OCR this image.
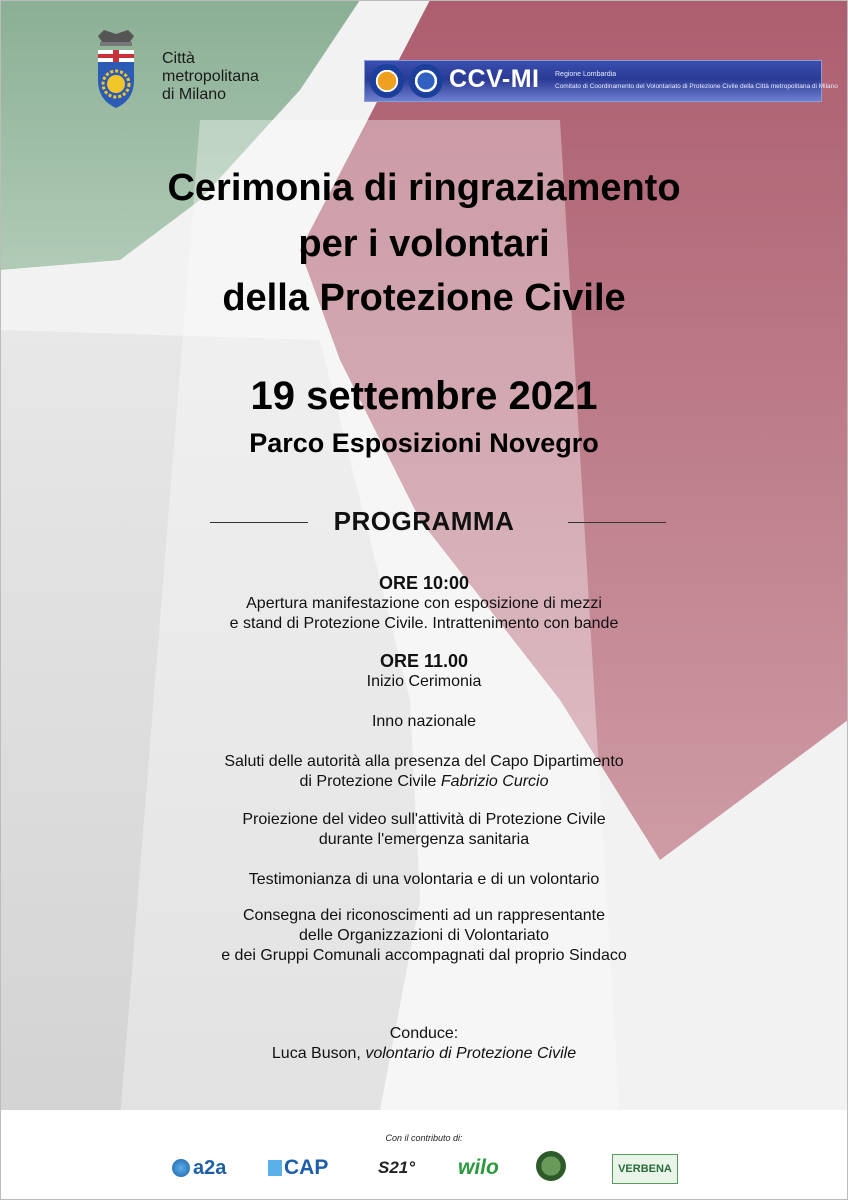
Città
metropolitana
di Milano
CCV-MI Regione Lombardia
Comitato di Coordinamento del Volontariato di Protezione Civile della Città metropolitana di Milano
Cerimonia di ringraziamento
per i volontari
della Protezione Civile
19 settembre 2021
Parco Esposizioni Novegro
PROGRAMMA
ORE 10:00
Apertura manifestazione con esposizione di mezzi
e stand di Protezione Civile. Intrattenimento con bande
ORE 11.00
Inizio Cerimonia
Inno nazionale
Saluti delle autorità alla presenza del Capo Dipartimento
di Protezione Civile Fabrizio Curcio
Proiezione del video sull'attività di Protezione Civile
durante l'emergenza sanitaria
Testimonianza di una volontaria e di un volontario
Consegna dei riconoscimenti ad un rappresentante
delle Organizzazioni di Volontariato
e dei Gruppi Comunali accompagnati dal proprio Sindaco
Conduce:
Luca Buson, volontario di Protezione Civile
Con il contributo di:
a2a	CAP	S21° wilo	VERBENA
